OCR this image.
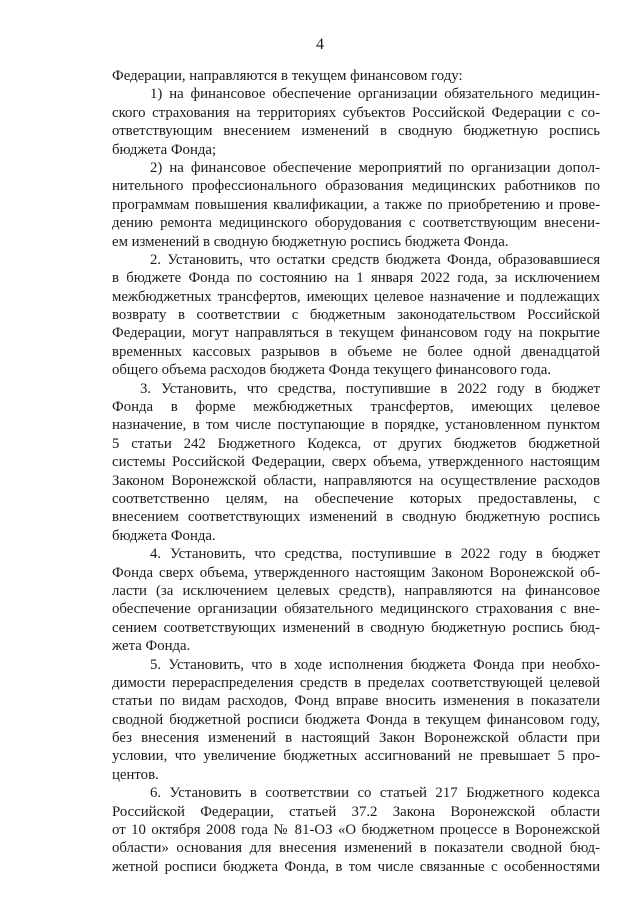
4
Федерации, направляются в текущем финансовом году:
1) на финансовое обеспечение организации обязательного медицин-
ского страхования на территориях субъектов Российской Федерации с со-
ответствующим внесением изменений в сводную бюджетную роспись
бюджета Фонда;
2) на финансовое обеспечение мероприятий по организации допол-
нительного профессионального образования медицинских работников по
программам повышения квалификации, а также по приобретению и прове-
дению ремонта медицинского оборудования с соответствующим внесени-
ем изменений в сводную бюджетную роспись бюджета Фонда.
2. Установить, что остатки средств бюджета Фонда, образовавшиеся
в бюджете Фонда по состоянию на 1 января 2022 года, за исключением
межбюджетных трансфертов, имеющих целевое назначение и подлежащих
возврату в соответствии с бюджетным законодательством Российской
Федерации, могут направляться в текущем финансовом году на покрытие
временных кассовых разрывов в объеме не более одной двенадцатой
общего объема расходов бюджета Фонда текущего финансового года.
3. Установить, что средства, поступившие в 2022 году в бюджет
Фонда в форме межбюджетных трансфертов, имеющих целевое
назначение, в том числе поступающие в порядке, установленном пунктом
5 статьи 242 Бюджетного Кодекса, от других бюджетов бюджетной
системы Российской Федерации, сверх объема, утвержденного настоящим
Законом Воронежской области, направляются на осуществление расходов
соответственно целям, на обеспечение которых предоставлены, с
внесением соответствующих изменений в сводную бюджетную роспись
бюджета Фонда.
4. Установить, что средства, поступившие в 2022 году в бюджет
Фонда сверх объема, утвержденного настоящим Законом Воронежской об-
ласти (за исключением целевых средств), направляются на финансовое
обеспечение организации обязательного медицинского страхования с вне-
сением соответствующих изменений в сводную бюджетную роспись бюд-
жета Фонда.
5. Установить, что в ходе исполнения бюджета Фонда при необхо-
димости перераспределения средств в пределах соответствующей целевой
статьи по видам расходов, Фонд вправе вносить изменения в показатели
сводной бюджетной росписи бюджета Фонда в текущем финансовом году,
без внесения изменений в настоящий Закон Воронежской области при
условии, что увеличение бюджетных ассигнований не превышает 5 про-
центов.
6. Установить в соответствии со статьей 217 Бюджетного кодекса
Российской Федерации, статьей 37.2 Закона Воронежской области
от 10 октября 2008 года № 81-ОЗ «О бюджетном процессе в Воронежской
области» основания для внесения изменений в показатели сводной бюд-
жетной росписи бюджета Фонда, в том числе связанные с особенностями
